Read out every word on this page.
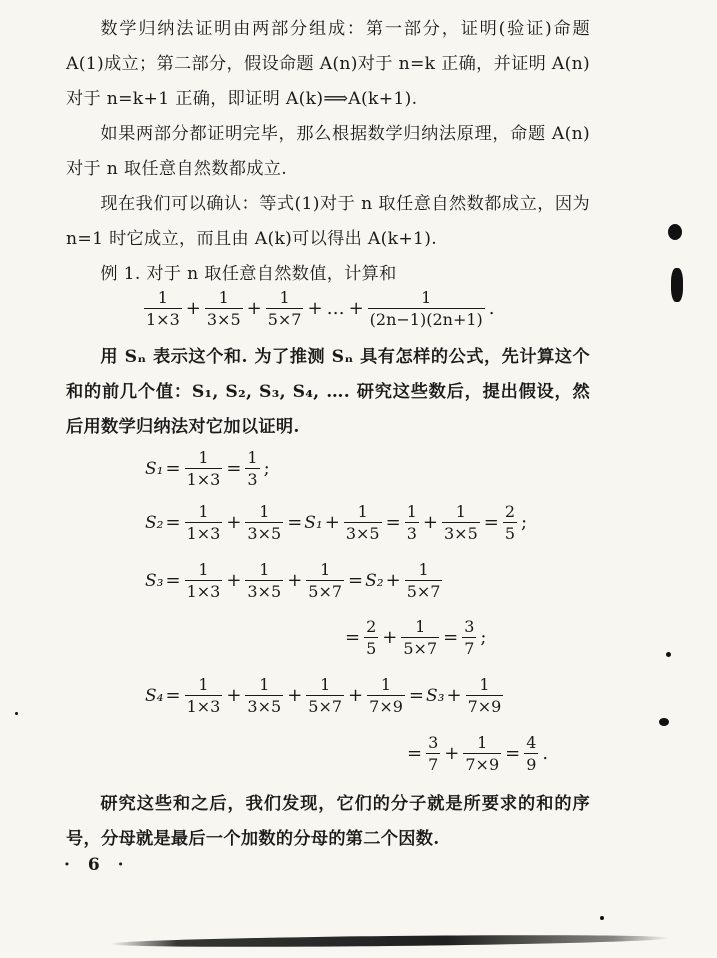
数学归纳法证明由两部分组成：第一部分，证明(验证)命题 A(1)成立；第二部分，假设命题 A(n)对于 n=k 正确，并证明 A(n)对于 n=k+1 正确，即证明 A(k)⟹A(k+1).
如果两部分都证明完毕，那么根据数学归纳法原理，命题 A(n)对于 n 取任意自然数都成立.
现在我们可以确认：等式(1)对于 n 取任意自然数都成立，因为 n=1 时它成立，而且由 A(k)可以得出 A(k+1).
例 1. 对于 n 取任意自然数值，计算和
$\frac{1}{1\times 3} + \frac{1}{3\times 5} + \frac{1}{5\times 7}$ + … + $\frac{1}{(2n-1)(2n+1)}$ .
用 Sₙ 表示这个和. 为了推测 Sₙ 具有怎样的公式，先计算这个和的前几个值：S₁, S₂, S₃, S₄, …. 研究这些数后，提出假设，然后用数学归纳法对它加以证明.
$S_1 = \frac{1}{1\times 3} = \frac{1}{3}$ ;
$S_2 = \frac{1}{1\times 3} + \frac{1}{3\times 5} = S_1 + \frac{1}{3\times 5} = \frac{1}{3} + \frac{1}{3\times 5} = \frac{2}{5}$ ;
$S_3 = \frac{1}{1\times 3} + \frac{1}{3\times 5} + \frac{1}{5\times 7} = S_2 + \frac{1}{5\times 7}$
= $\frac{2}{5} + \frac{1}{5\times 7} = \frac{3}{7}$ ;
$S_4 = \frac{1}{1\times 3} + \frac{1}{3\times 5} + \frac{1}{5\times 7} + \frac{1}{7\times 9} = S_3 + \frac{1}{7\times 9}$
= $\frac{3}{7} + \frac{1}{7\times 9} = \frac{4}{9}$ .
研究这些和之后，我们发现，它们的分子就是所要求的和的序号，分母就是最后一个加数的分母的第二个因数.
· 6 ·
